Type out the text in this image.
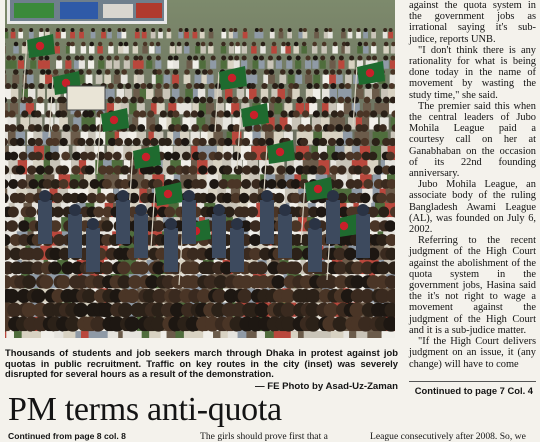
Thousands of students and job seekers march through Dhaka in protest against job quotas in public recruitment. Traffic on key routes in the city (inset) was severely disrupted for several hours as a result of the demonstration.

— FE Photo by Asad-Uz-Zaman

against the quota system in the government jobs as irrational saying it's sub-judice, reports UNB.

"I don't think there is any rationality for what is being done today in the name of movement by wasting the study time," she said.

The premier said this when the central leaders of Jubo Mohila League paid a courtesy call on her at Ganabhaban on the occasion of its 22nd founding anniversary.

Jubo Mohila League, an associate body of the ruling Bangladesh Awami League (AL), was founded on July 6, 2002.

Referring to the recent judgment of the High Court against the abolishment of the quota system in the government jobs, Hasina said the it's not right to wage a movement against the judgment of the High Court and it is a sub-judice matter.

"If the High Court delivers judgment on an issue, it (any change) will have to come

Continued to page 7 Col. 4

PM terms anti-quota

Continued from page 8 col. 8	The girls should prove first that a	League consecutively after 2008. So, we
